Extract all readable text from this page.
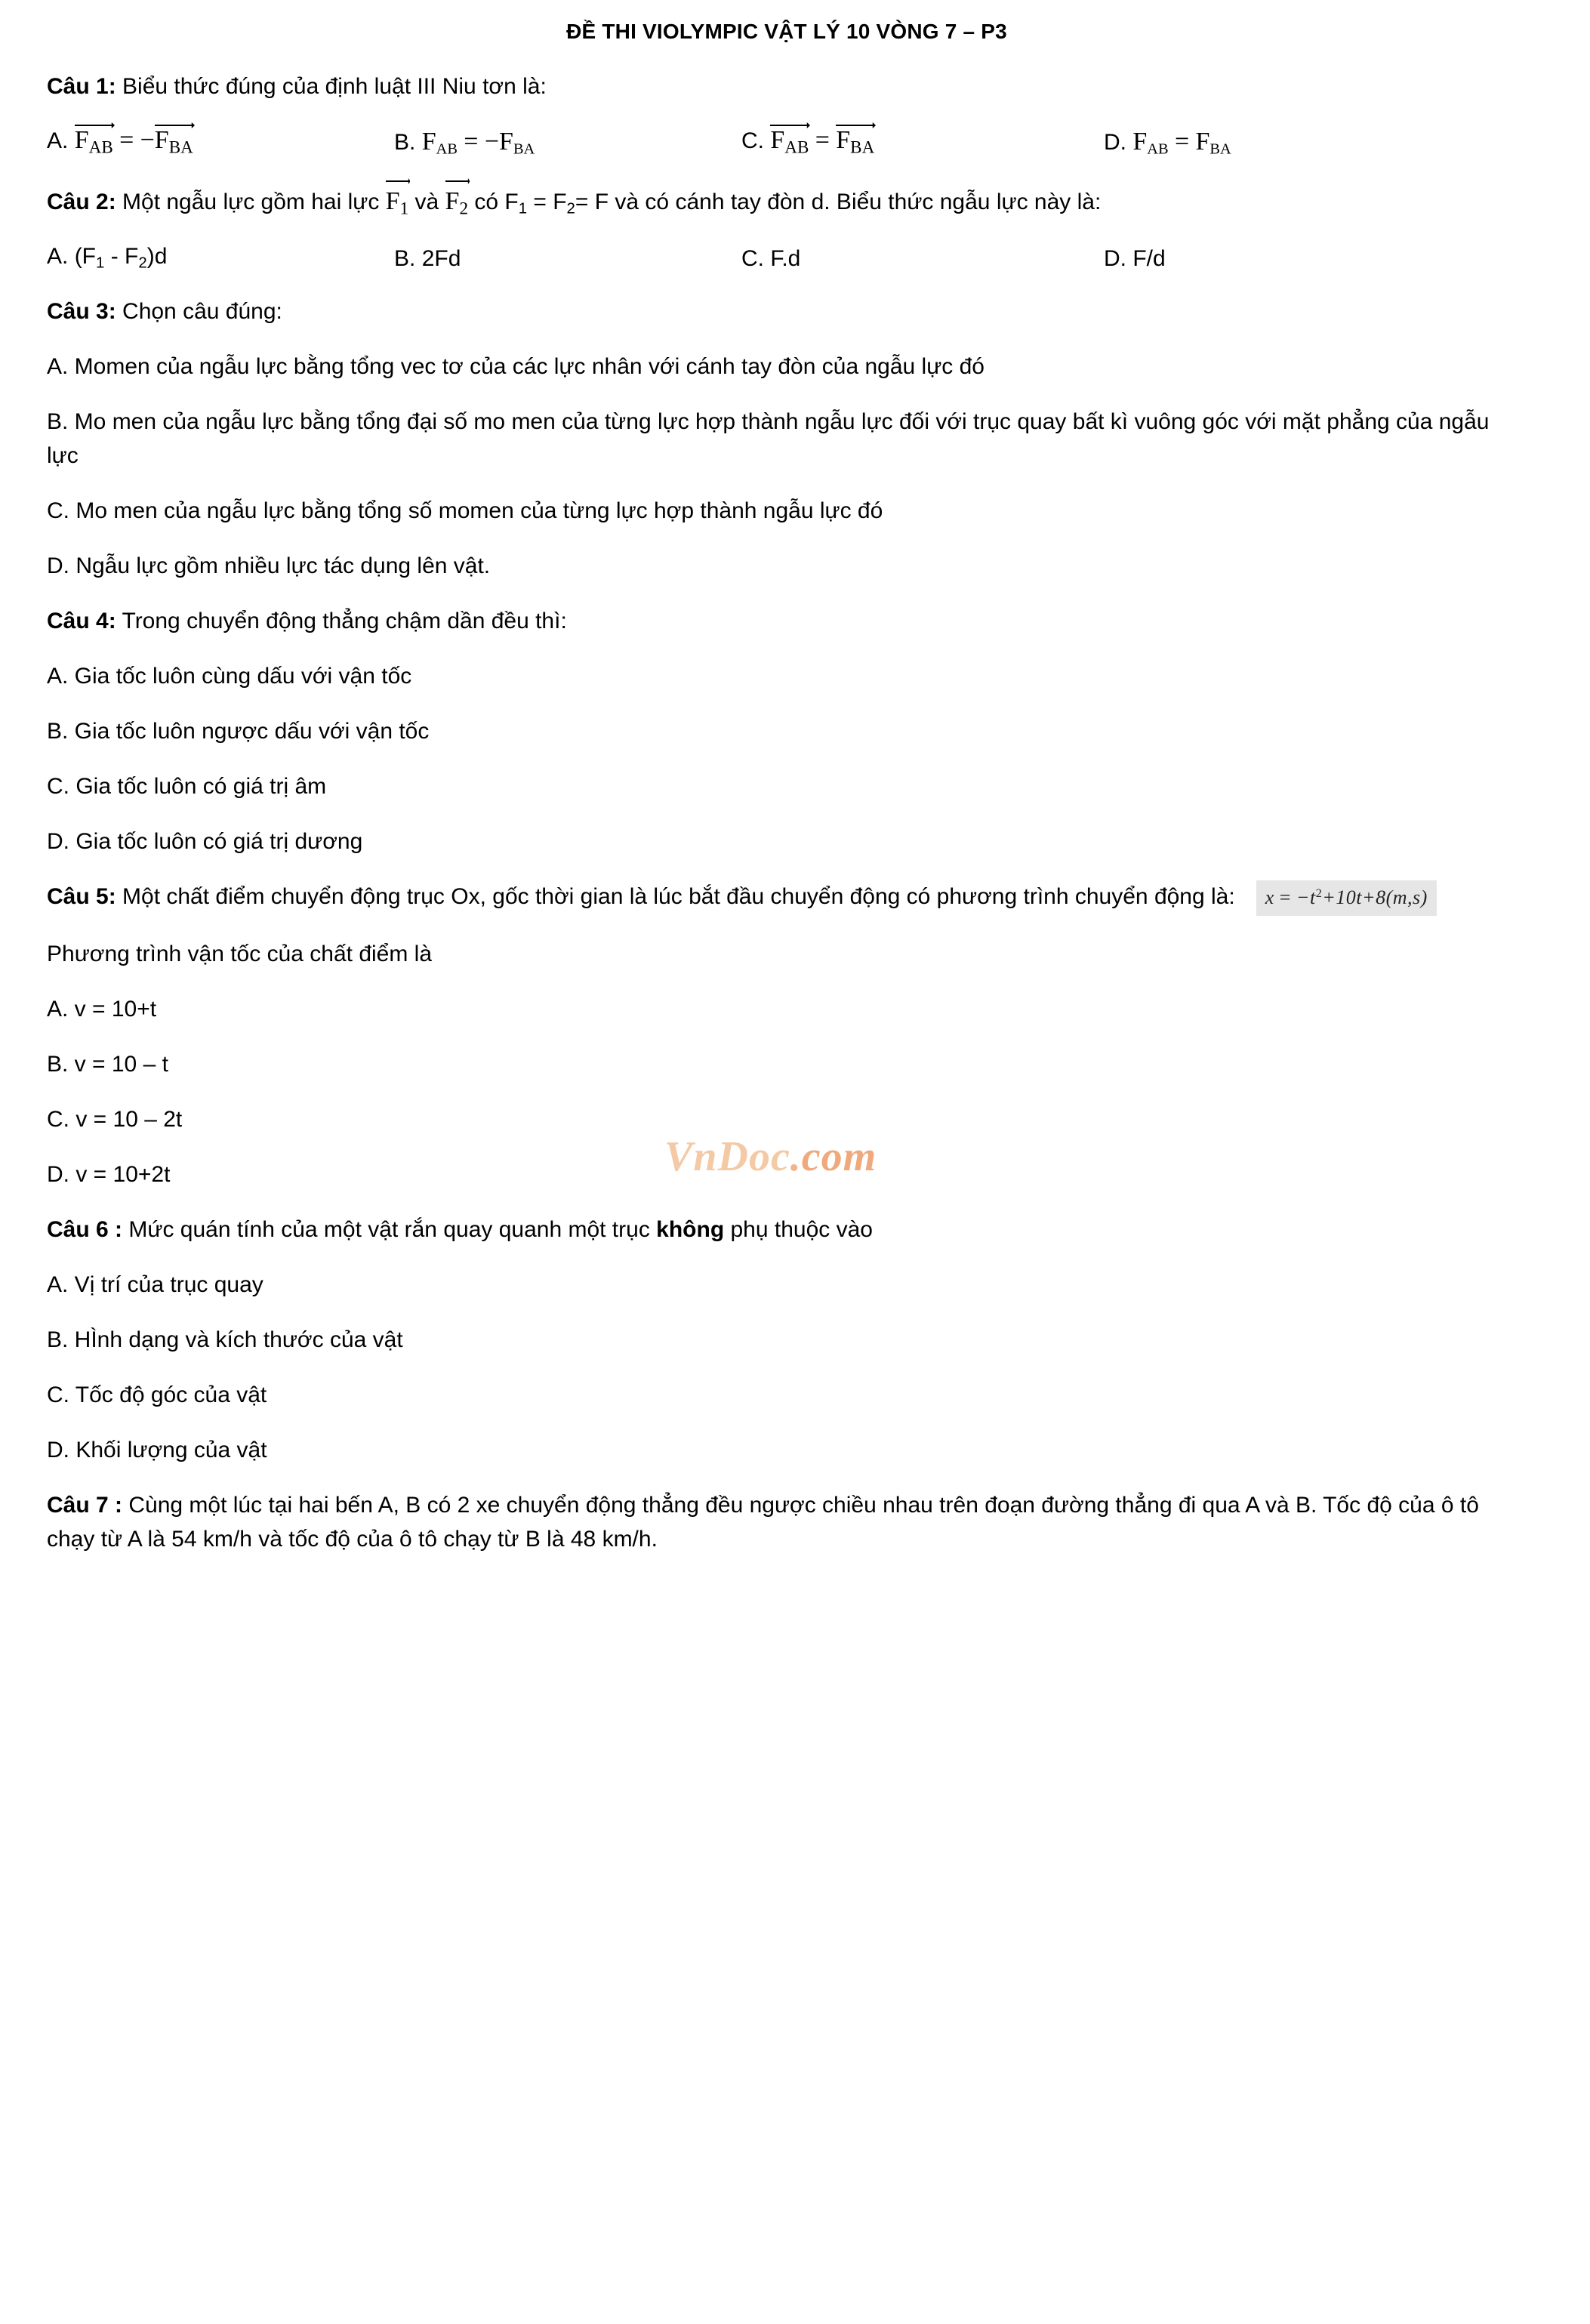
ĐỀ THI VIOLYMPIC VẬT LÝ 10 VÒNG 7 – P3
Câu 1: Biểu thức đúng của định luật III Niu tơn là:
A. $F_{AB}$ = −
$F_{BA}$	B. $F_{AB} = -F_{BA}$	C. $F_{AB} = F_{BA}$	D. $F_{AB} = F_{BA}$
Câu 2: Một ngẫu lực gồm hai lực
$F_1$ và
$F_2$ có $F_1 = F_2= F$ và có cánh tay đòn d. Biểu thức ngẫu lực này là:
A. $(F_1 - F_2)d$	B. 2Fd	C. F.d	D. F/d
Câu 3: Chọn câu đúng:
A. Momen của ngẫu lực bằng tổng vec tơ của các lực nhân với cánh tay đòn của ngẫu lực đó
B. Mo men của ngẫu lực bằng tổng đại số mo men của từng lực hợp thành ngẫu lực đối với trục quay bất kì vuông góc với mặt phẳng của ngẫu lực
C. Mo men của ngẫu lực bằng tổng số momen của từng lực hợp thành ngẫu lực đó
D. Ngẫu lực gồm nhiều lực tác dụng lên vật.
Câu 4: Trong chuyển động thẳng chậm dần đều thì:
A. Gia tốc luôn cùng dấu với vận tốc
B. Gia tốc luôn ngược dấu với vận tốc
C. Gia tốc luôn có giá trị âm
D. Gia tốc luôn có giá trị dương
Câu 5: Một chất điểm chuyển động trục Ox, gốc thời gian là lúc bắt đầu chuyển động có phương trình chuyển động là: $x = -t^2+10t+8(m,s)$
Phương trình vận tốc của chất điểm là
A. v = 10+t
B. v = 10 – t
C. v = 10 – 2t
D. v = 10+2t
Câu 6 : Mức quán tính của một vật rắn quay quanh một trục không phụ thuộc vào
A. Vị trí của trục quay
B. HÌnh dạng và kích thước của vật
C. Tốc độ góc của vật
D. Khối lượng của vật
Câu 7 : Cùng một lúc tại hai bến A, B có 2 xe chuyển động thẳng đều ngược chiều nhau trên đoạn đường thẳng đi qua A và B. Tốc độ của ô tô chạy từ A là 54 km/h và tốc độ của ô tô chạy từ B là 48 km/h.
VnDoc.com
